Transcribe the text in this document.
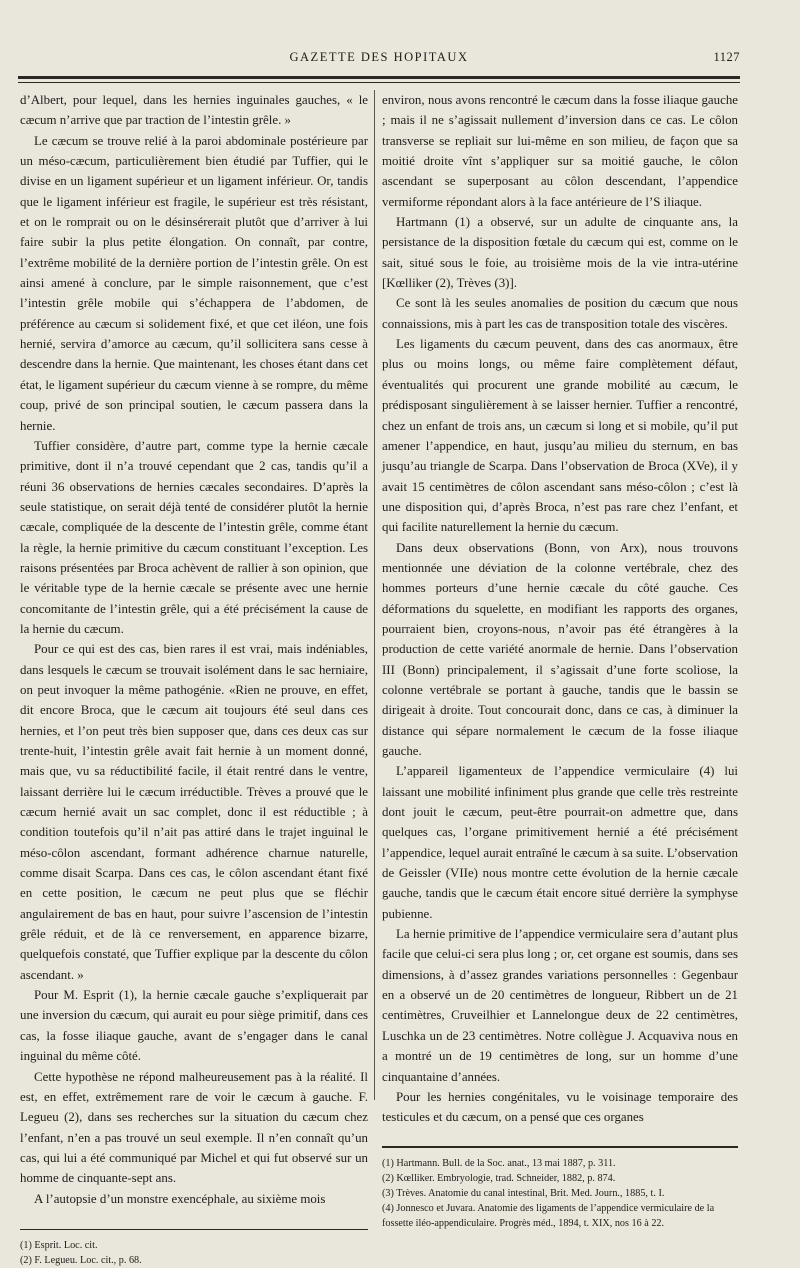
GAZETTE DES HOPITAUX	1127

d’Albert, pour lequel, dans les hernies inguinales gauches, « le cæcum n’arrive que par traction de l’intestin grêle. »

Le cæcum se trouve relié à la paroi abdominale postérieure par un méso-cæcum, particulièrement bien étudié par Tuffier, qui le divise en un ligament supérieur et un ligament inférieur. Or, tandis que le ligament inférieur est fragile, le supérieur est très résistant, et on le romprait ou on le désinsérerait plutôt que d’arriver à lui faire subir la plus petite élongation. On connaît, par contre, l’extrême mobilité de la dernière portion de l’intestin grêle. On est ainsi amené à conclure, par le simple raisonnement, que c’est l’intestin grêle mobile qui s’échappera de l’abdomen, de préférence au cæcum si solidement fixé, et que cet iléon, une fois hernié, servira d’amorce au cæcum, qu’il sollicitera sans cesse à descendre dans la hernie. Que maintenant, les choses étant dans cet état, le ligament supérieur du cæcum vienne à se rompre, du même coup, privé de son principal soutien, le cæcum passera dans la hernie.

Tuffier considère, d’autre part, comme type la hernie cæcale primitive, dont il n’a trouvé cependant que 2 cas, tandis qu’il a réuni 36 observations de hernies cæcales secondaires. D’après la seule statistique, on serait déjà tenté de considérer plutôt la hernie cæcale, compliquée de la descente de l’intestin grêle, comme étant la règle, la hernie primitive du cæcum constituant l’exception. Les raisons présentées par Broca achèvent de rallier à son opinion, que le véritable type de la hernie cæcale se présente avec une hernie concomitante de l’intestin grêle, qui a été précisément la cause de la hernie du cæcum.

Pour ce qui est des cas, bien rares il est vrai, mais indéniables, dans lesquels le cæcum se trouvait isolément dans le sac herniaire, on peut invoquer la même pathogénie. «Rien ne prouve, en effet, dit encore Broca, que le cæcum ait toujours été seul dans ces hernies, et l’on peut très bien supposer que, dans ces deux cas sur trente-huit, l’intestin grêle avait fait hernie à un moment donné, mais que, vu sa réductibilité facile, il était rentré dans le ventre, laissant derrière lui le cæcum irréductible. Trèves a prouvé que le cæcum hernié avait un sac complet, donc il est réductible ; à condition toutefois qu’il n’ait pas attiré dans le trajet inguinal le méso-côlon ascendant, formant adhérence charnue naturelle, comme disait Scarpa. Dans ces cas, le côlon ascendant étant fixé en cette position, le cæcum ne peut plus que se fléchir angulairement de bas en haut, pour suivre l’ascension de l’intestin grêle réduit, et de là ce renversement, en apparence bizarre, quelquefois constaté, que Tuffier explique par la descente du côlon ascendant. »

Pour M. Esprit (1), la hernie cæcale gauche s’expliquerait par une inversion du cæcum, qui aurait eu pour siège primitif, dans ces cas, la fosse iliaque gauche, avant de s’engager dans le canal inguinal du même côté.

Cette hypothèse ne répond malheureusement pas à la réalité. Il est, en effet, extrêmement rare de voir le cæcum à gauche. F. Legueu (2), dans ses recherches sur la situation du cæcum chez l’enfant, n’en a pas trouvé un seul exemple. Il n’en connaît qu’un cas, qui lui a été communiqué par Michel et qui fut observé sur un homme de cinquante-sept ans.

A l’autopsie d’un monstre exencéphale, au sixième mois

(1) Esprit. Loc. cit.
(2) F. Legueu. Loc. cit., p. 68.

environ, nous avons rencontré le cæcum dans la fosse iliaque gauche ; mais il ne s’agissait nullement d’inversion dans ce cas. Le côlon transverse se repliait sur lui-même en son milieu, de façon que sa moitié droite vînt s’appliquer sur sa moitié gauche, le côlon ascendant se superposant au côlon descendant, l’appendice vermiforme répondant alors à la face antérieure de l’S iliaque.

Hartmann (1) a observé, sur un adulte de cinquante ans, la persistance de la disposition fœtale du cæcum qui est, comme on le sait, situé sous le foie, au troisième mois de la vie intra-utérine [Kœlliker (2), Trèves (3)].

Ce sont là les seules anomalies de position du cæcum que nous connaissions, mis à part les cas de transposition totale des viscères.

Les ligaments du cæcum peuvent, dans des cas anormaux, être plus ou moins longs, ou même faire complètement défaut, éventualités qui procurent une grande mobilité au cæcum, le prédisposant singulièrement à se laisser hernier. Tuffier a rencontré, chez un enfant de trois ans, un cæcum si long et si mobile, qu’il put amener l’appendice, en haut, jusqu’au milieu du sternum, en bas jusqu’au triangle de Scarpa. Dans l’observation de Broca (XVe), il y avait 15 centimètres de côlon ascendant sans méso-côlon ; c’est là une disposition qui, d’après Broca, n’est pas rare chez l’enfant, et qui facilite naturellement la hernie du cæcum.

Dans deux observations (Bonn, von Arx), nous trouvons mentionnée une déviation de la colonne vertébrale, chez des hommes porteurs d’une hernie cæcale du côté gauche. Ces déformations du squelette, en modifiant les rapports des organes, pourraient bien, croyons-nous, n’avoir pas été étrangères à la production de cette variété anormale de hernie. Dans l’observation III (Bonn) principalement, il s’agissait d’une forte scoliose, la colonne vertébrale se portant à gauche, tandis que le bassin se dirigeait à droite. Tout concourait donc, dans ce cas, à diminuer la distance qui sépare normalement le cæcum de la fosse iliaque gauche.

L’appareil ligamenteux de l’appendice vermiculaire (4) lui laissant une mobilité infiniment plus grande que celle très restreinte dont jouit le cæcum, peut-être pourrait-on admettre que, dans quelques cas, l’organe primitivement hernié a été précisément l’appendice, lequel aurait entraîné le cæcum à sa suite. L’observation de Geissler (VIIe) nous montre cette évolution de la hernie cæcale gauche, tandis que le cæcum était encore situé derrière la symphyse pubienne.

La hernie primitive de l’appendice vermiculaire sera d’autant plus facile que celui-ci sera plus long ; or, cet organe est soumis, dans ses dimensions, à d’assez grandes variations personnelles : Gegenbaur en a observé un de 20 centimètres de longueur, Ribbert un de 21 centimètres, Cruveilhier et Lannelongue deux de 22 centimètres, Luschka un de 23 centimètres. Notre collègue J. Acquaviva nous en a montré un de 19 centimètres de long, sur un homme d’une cinquantaine d’années.

Pour les hernies congénitales, vu le voisinage temporaire des testicules et du cæcum, on a pensé que ces organes

(1) Hartmann. Bull. de la Soc. anat., 13 mai 1887, p. 311.
(2) Kœlliker. Embryologie, trad. Schneider, 1882, p. 874.
(3) Trèves. Anatomie du canal intestinal, Brit. Med. Journ., 1885, t. I.
(4) Jonnesco et Juvara. Anatomie des ligaments de l’appendice vermiculaire de la fossette iléo-appendiculaire. Progrès méd., 1894, t. XIX, nos 16 à 22.
